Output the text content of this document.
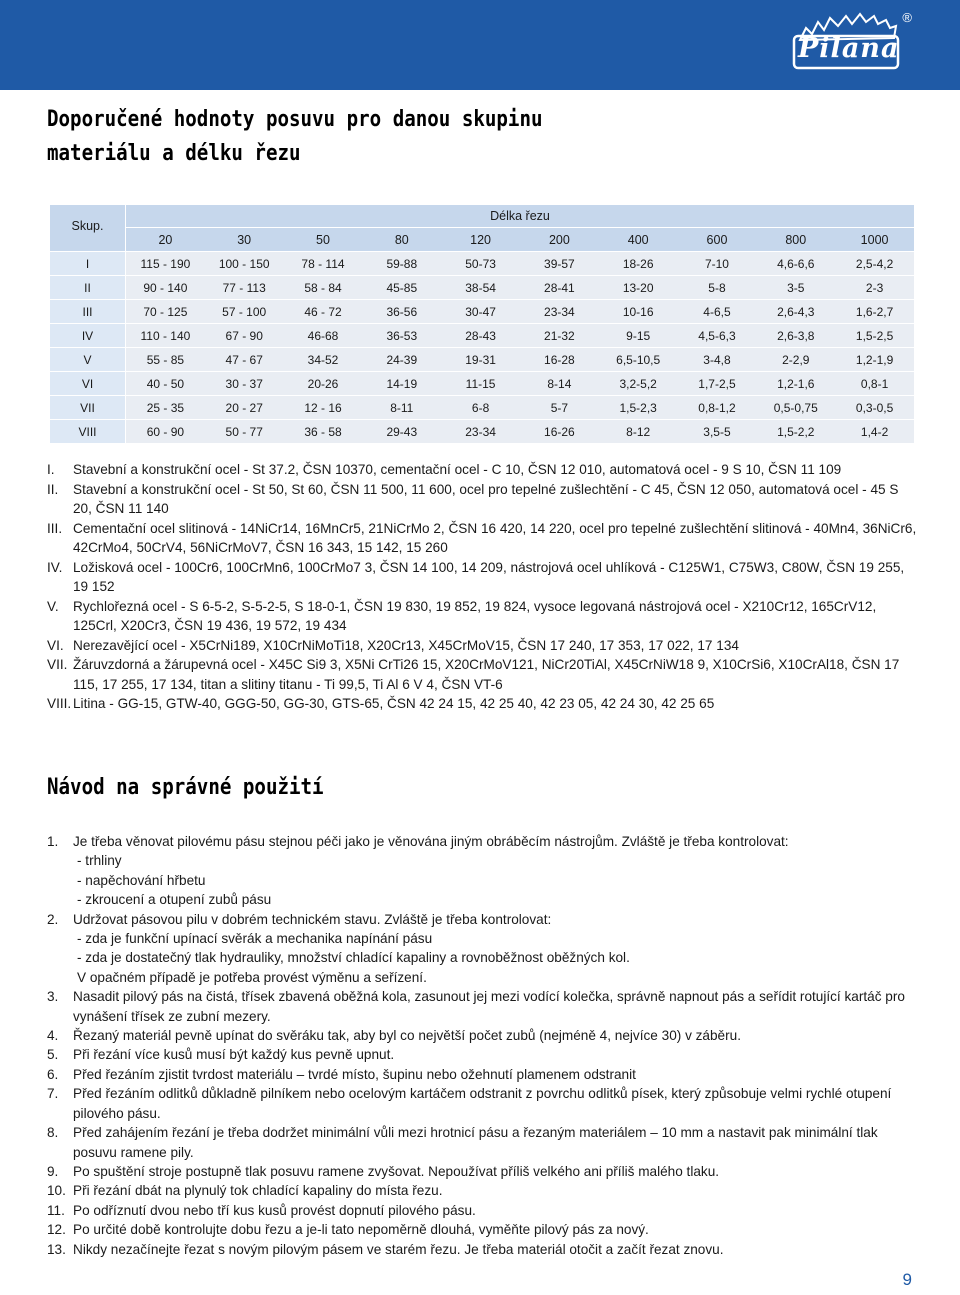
Pilana
®
Doporučené hodnoty posuvu pro danou skupinu
materiálu a délku řezu
Skup.	Délka řezu									
	20	30	50	80	120	200	400	600	800	1000
I	115 - 190	100 - 150	78 - 114	59-88	50-73	39-57	18-26	7-10	4,6-6,6	2,5-4,2
II	90 - 140	77 - 113	58 - 84	45-85	38-54	28-41	13-20	5-8	3-5	2-3
III	70 - 125	57 - 100	46 - 72	36-56	30-47	23-34	10-16	4-6,5	2,6-4,3	1,6-2,7
IV	110 - 140	67 - 90	46-68	36-53	28-43	21-32	9-15	4,5-6,3	2,6-3,8	1,5-2,5
V	55 - 85	47 - 67	34-52	24-39	19-31	16-28	6,5-10,5	3-4,8	2-2,9	1,2-1,9
VI	40 - 50	30 - 37	20-26	14-19	11-15	8-14	3,2-5,2	1,7-2,5	1,2-1,6	0,8-1
VII	25 - 35	20 - 27	12 - 16	8-11	6-8	5-7	1,5-2,3	0,8-1,2	0,5-0,75	0,3-0,5
VIII	60 - 90	50 - 77	36 - 58	29-43	23-34	16-26	8-12	3,5-5	1,5-2,2	1,4-2
I.	Stavební a konstrukční ocel - St 37.2, ČSN 10370, cementační ocel - C 10, ČSN 12 010, automatová ocel - 9 S 10, ČSN 11 109
II.	Stavební a konstrukční ocel - St 50, St 60, ČSN 11 500, 11 600, ocel pro tepelné zušlechtění - C 45, ČSN 12 050, automatová ocel - 45 S 20, ČSN 11 140
III. Cementační ocel slitinová - 14NiCr14, 16MnCr5, 21NiCrMo 2, ČSN 16 420, 14 220, ocel pro tepelné zušlechtění slitinová - 40Mn4, 36NiCr6, 42CrMo4, 50CrV4, 56NiCrMoV7, ČSN 16 343, 15 142, 15 260
IV. Ložisková ocel - 100Cr6, 100CrMn6, 100CrMo7 3, ČSN 14 100, 14 209, nástrojová ocel uhlíková - C125W1, C75W3, C80W, ČSN 19 255, 19 152
V.	Rychlořezná ocel - S 6-5-2, S-5-2-5, S 18-0-1, ČSN 19 830, 19 852, 19 824, vysoce legovaná nástrojová ocel - X210Cr12, 165CrV12, 125Crl, X20Cr3, ČSN 19 436, 19 572, 19 434
VI. Nerezavějící ocel - X5CrNi189, X10CrNiMoTi18, X20Cr13, X45CrMoV15, ČSN 17 240, 17 353, 17 022, 17 134
VII. Žáruvzdorná a žárupevná ocel - X45C Si9 3, X5Ni CrTi26 15, X20CrMoV121, NiCr20TiAl, X45CrNiW18 9, X10CrSi6, X10CrAl18, ČSN 17 115, 17 255, 17 134, titan a slitiny titanu - Ti 99,5, Ti Al 6 V 4, ČSN VT-6
VIII. Litina - GG-15, GTW-40, GGG-50, GG-30, GTS-65, ČSN 42 24 15, 42 25 40, 42 23 05, 42 24 30, 42 25 65
Návod na správné použití
1.	Je třeba věnovat pilovému pásu stejnou péči jako je věnována jiným obráběcím nástrojům. Zvláště je třeba kontrolovat:
- trhliny
- napěchování hřbetu
- zkroucení a otupení zubů pásu
2.	Udržovat pásovou pilu v dobrém technickém stavu. Zvláště je třeba kontrolovat:
- zda je funkční upínací svěrák a mechanika napínání pásu
- zda je dostatečný tlak hydrauliky, množství chladící kapaliny a rovnoběžnost oběžných kol.
V opačném případě je potřeba provést výměnu a seřízení.
3.	Nasadit pilový pás na čistá, třísek zbavená oběžná kola, zasunout jej mezi vodící kolečka, správně napnout pás a seřídit rotující kartáč pro vynášení třísek ze zubní mezery.
4.	Řezaný materiál pevně upínat do svěráku tak, aby byl co největší počet zubů (nejméně 4, nejvíce 30) v záběru.
5.	Při řezání více kusů musí být každý kus pevně upnut.
6.	Před řezáním zjistit tvrdost materiálu – tvrdé místo, šupinu nebo ožehnutí plamenem odstranit
7.	Před řezáním odlitků důkladně pilníkem nebo ocelovým kartáčem odstranit z povrchu odlitků písek, který způsobuje velmi rychlé otupení pilového pásu.
8.	Před zahájením řezání je třeba dodržet minimální vůli mezi hrotnicí pásu a řezaným materiálem – 10 mm a nastavit pak minimální tlak posuvu ramene pily.
9.	Po spuštění stroje postupně tlak posuvu ramene zvyšovat. Nepoužívat příliš velkého ani příliš malého tlaku.
10. Při řezání dbát na plynulý tok chladící kapaliny do místa řezu.
11. Po odříznutí dvou nebo tří kus kusů provést dopnutí pilového pásu.
12. Po určité době kontrolujte dobu řezu a je-li tato nepoměrně dlouhá, vyměňte pilový pás za nový.
13. Nikdy nezačínejte řezat s novým pilovým pásem ve starém řezu. Je třeba materiál otočit a začít řezat znovu.
9
